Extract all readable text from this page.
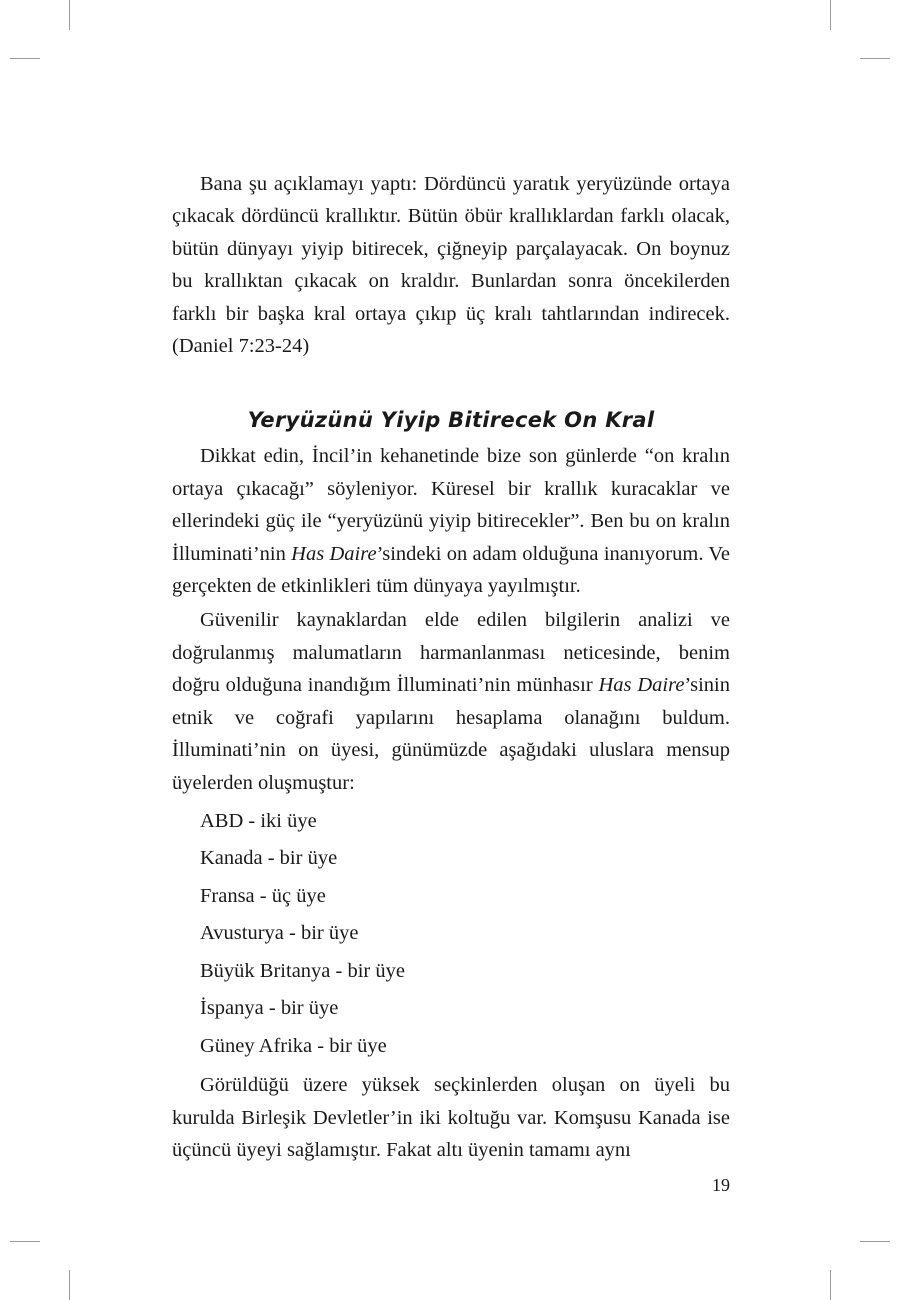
Bana şu açıklamayı yaptı: Dördüncü yaratık yeryüzünde ortaya çıkacak dördüncü krallıktır. Bütün öbür krallıklardan farklı olacak, bütün dünyayı yiyip bitirecek, çiğneyip parçalayacak. On boynuz bu krallıktan çıkacak on kraldır. Bunlardan sonra öncekilerden farklı bir başka kral ortaya çıkıp üç kralı tahtlarından indirecek. (Daniel 7:23-24)

Yeryüzünü Yiyip Bitirecek On Kral

Dikkat edin, İncil’in kehanetinde bize son günlerde “on kralın ortaya çıkacağı” söyleniyor. Küresel bir krallık kuracaklar ve ellerindeki güç ile “yeryüzünü yiyip bitirecekler”. Ben bu on kralın İlluminati’nin Has Daire’sindeki on adam olduğuna inanıyorum. Ve gerçekten de etkinlikleri tüm dünyaya yayılmıştır.

Güvenilir kaynaklardan elde edilen bilgilerin analizi ve doğrulanmış malumatların harmanlanması neticesinde, benim doğru olduğuna inandığım İlluminati’nin münhasır Has Daire’sinin etnik ve coğrafi yapılarını hesaplama olanağını buldum. İlluminati’nin on üyesi, günümüzde aşağıdaki uluslara mensup üyelerden oluşmuştur:

ABD - iki üye
Kanada - bir üye
Fransa - üç üye
Avusturya - bir üye
Büyük Britanya - bir üye
İspanya - bir üye
Güney Afrika - bir üye

Görüldüğü üzere yüksek seçkinlerden oluşan on üyeli bu kurulda Birleşik Devletler’in iki koltuğu var. Komşusu Kanada ise üçüncü üyeyi sağlamıştır. Fakat altı üyenin tamamı aynı

19
